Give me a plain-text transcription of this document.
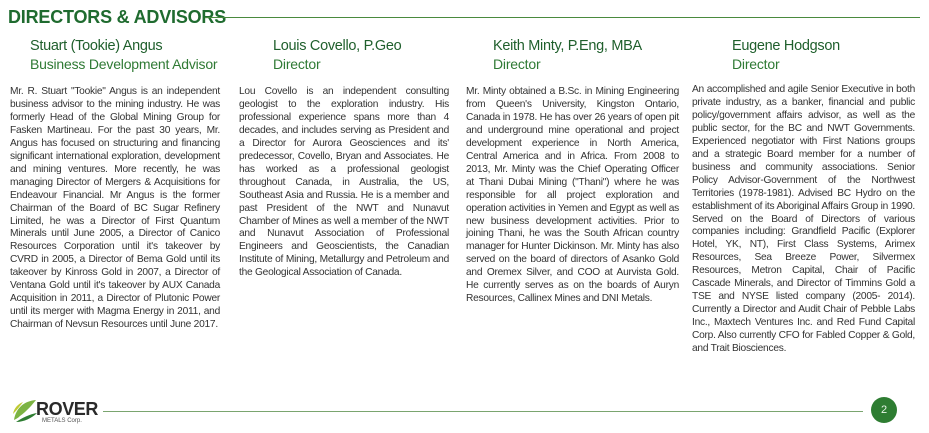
DIRECTORS & ADVISORS
Stuart (Tookie) Angus
Business Development Advisor
Mr. R. Stuart "Tookie" Angus is an independent business advisor to the mining industry. He was formerly Head of the Global Mining Group for Fasken Martineau. For the past 30 years, Mr. Angus has focused on structuring and financing significant international exploration, development and mining ventures. More recently, he was managing Director of Mergers & Acquisitions for Endeavour Financial. Mr Angus is the former Chairman of the Board of BC Sugar Refinery Limited, he was a Director of First Quantum Minerals until June 2005, a Director of Canico Resources Corporation until it's takeover by CVRD in 2005, a Director of Bema Gold until its takeover by Kinross Gold in 2007, a Director of Ventana Gold until it's takeover by AUX Canada Acquisition in 2011, a Director of Plutonic Power until its merger with Magma Energy in 2011, and Chairman of Nevsun Resources until June 2017.
Louis Covello, P.Geo
Director
Lou Covello is an independent consulting geologist to the exploration industry. His professional experience spans more than 4 decades, and includes serving as President and a Director for Aurora Geosciences and its' predecessor, Covello, Bryan and Associates. He has worked as a professional geologist throughout Canada, in Australia, the US, Southeast Asia and Russia. He is a member and past President of the NWT and Nunavut Chamber of Mines as well a member of the NWT and Nunavut Association of Professional Engineers and Geoscientists, the Canadian Institute of Mining, Metallurgy and Petroleum and the Geological Association of Canada.
Keith Minty, P.Eng, MBA
Director
Mr. Minty obtained a B.Sc. in Mining Engineering from Queen's University, Kingston Ontario, Canada in 1978. He has over 26 years of open pit and underground mine operational and project development experience in North America, Central America and in Africa. From 2008 to 2013, Mr. Minty was the Chief Operating Officer at Thani Dubai Mining ("Thani") where he was responsible for all project exploration and operation activities in Yemen and Egypt as well as new business development activities. Prior to joining Thani, he was the South African country manager for Hunter Dickinson. Mr. Minty has also served on the board of directors of Asanko Gold and Oremex Silver, and COO at Aurvista Gold. He currently serves as on the boards of Auryn Resources, Callinex Mines and DNI Metals.
Eugene Hodgson
Director
An accomplished and agile Senior Executive in both private industry, as a banker, financial and public policy/government affairs advisor, as well as the public sector, for the BC and NWT Governments. Experienced negotiator with First Nations groups and a strategic Board member for a number of business and community associations. Senior Policy Advisor-Government of the Northwest Territories (1978-1981). Advised BC Hydro on the establishment of its Aboriginal Affairs Group in 1990. Served on the Board of Directors of various companies including: Grandfield Pacific (Explorer Hotel, YK, NT), First Class Systems, Arimex Resources, Sea Breeze Power, Silvermex Resources, Metron Capital, Chair of Pacific Cascade Minerals, and Director of Timmins Gold a TSE and NYSE listed company (2005- 2014). Currently a Director and Audit Chair of Pebble Labs Inc., Maxtech Ventures Inc. and Red Fund Capital Corp. Also currently CFO for Fabled Copper & Gold, and Trait Biosciences.
ROVER
METALS Corp.
2
